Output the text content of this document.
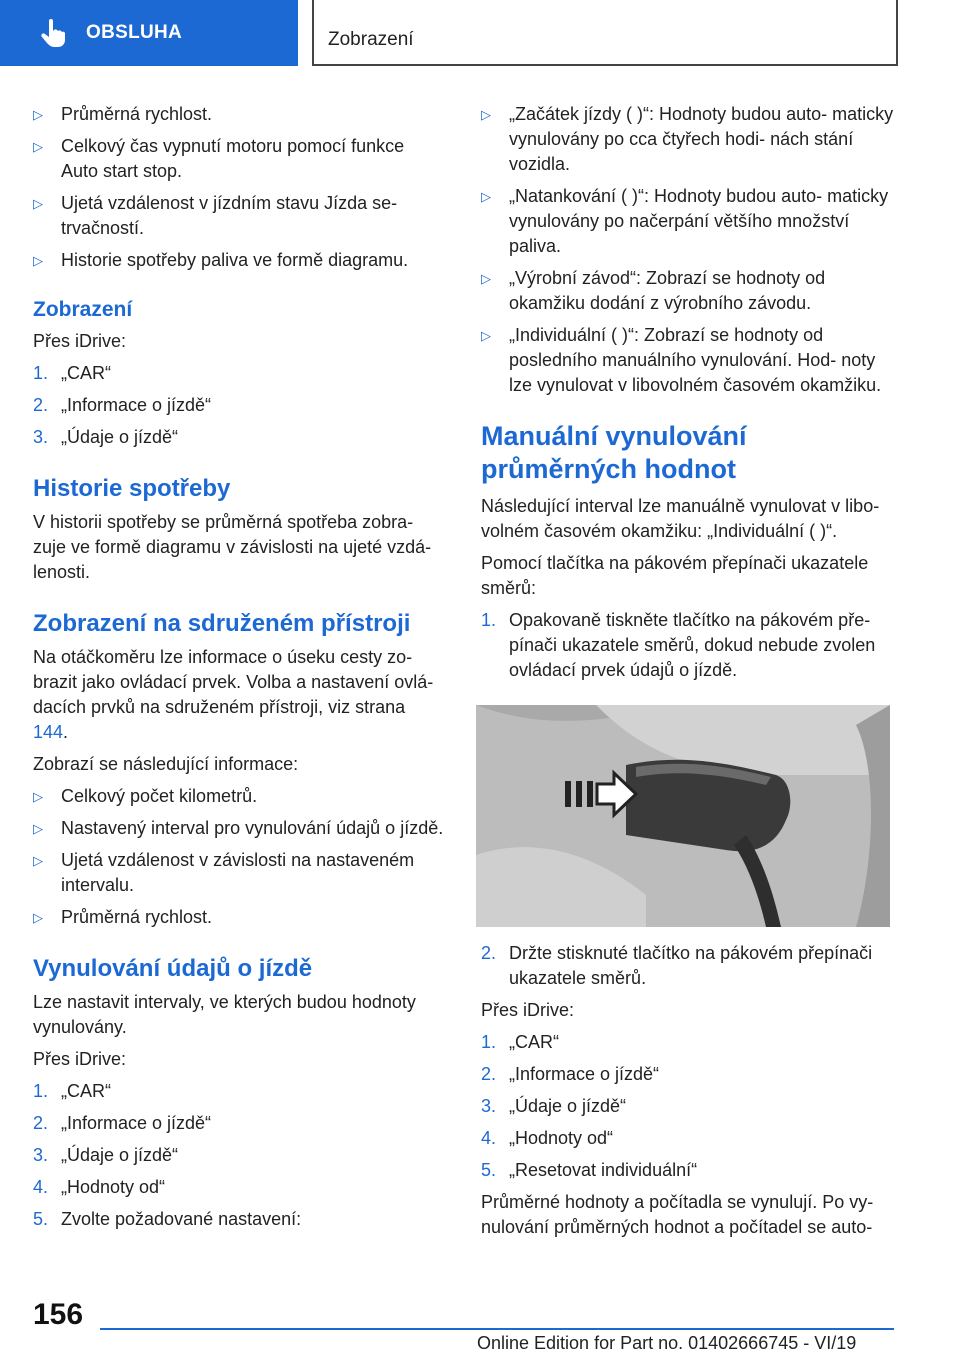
OBSLUHA	Zobrazení
▷	Průměrná rychlost.
▷	Celkový čas vypnutí motoru pomocí funkce Auto start stop.
▷	Ujetá vzdálenost v jízdním stavu Jízda se- trvačností.
▷	Historie spotřeby paliva ve formě diagramu.
Zobrazení

Přes iDrive:

1. „CAR“
2. „Informace o jízdě“
3. „Údaje o jízdě“
Historie spotřeby

V historii spotřeby se průměrná spotřeba zobra- zuje ve formě diagramu v závislosti na ujeté vzdá- lenosti.

Zobrazení na sdruženém přístroji

Na otáčkoměru lze informace o úseku cesty zo- brazit jako ovládací prvek. Volba a nastavení ovlá- dacích prvků na sdruženém přístroji, viz strana 144.

Zobrazí se následující informace:

▷	Celkový počet kilometrů.
▷	Nastavený interval pro vynulování údajů o jízdě.
▷	Ujetá vzdálenost v závislosti na nastaveném intervalu.
▷	Průměrná rychlost.
Vynulování údajů o jízdě

Lze nastavit intervaly, ve kterých budou hodnoty vynulovány.

Přes iDrive:

1. „CAR“
2. „Informace o jízdě“
3. „Údaje o jízdě“
4. „Hodnoty od“
5. Zvolte požadované nastavení:
▷	„Začátek jízdy ( )“: Hodnoty budou auto- maticky vynulovány po cca čtyřech hodi- nách stání vozidla.
▷	„Natankování ( )“: Hodnoty budou auto- maticky vynulovány po načerpání většího množství paliva.
▷	„Výrobní závod“: Zobrazí se hodnoty od okamžiku dodání z výrobního závodu.
▷	„Individuální ( )“: Zobrazí se hodnoty od posledního manuálního vynulování. Hod- noty lze vynulovat v libovolném časovém okamžiku.
Manuální vynulování průměrných hodnot

Následující interval lze manuálně vynulovat v libo- volném časovém okamžiku: „Individuální ( )“.

Pomocí tlačítka na pákovém přepínači ukazatele směrů:

1. Opakovaně tiskněte tlačítko na pákovém pře- pínači ukazatele směrů, dokud nebude zvolen ovládací prvek údajů o jízdě.
2. Držte stisknuté tlačítko na pákovém přepínači ukazatele směrů.

Přes iDrive:

1. „CAR“
2. „Informace o jízdě“
3. „Údaje o jízdě“
4. „Hodnoty od“
5. „Resetovat individuální“

Průměrné hodnoty a počítadla se vynulují. Po vy- nulování průměrných hodnot a počítadel se auto-

156
Online Edition for Part no. 01402666745 - VI/19
